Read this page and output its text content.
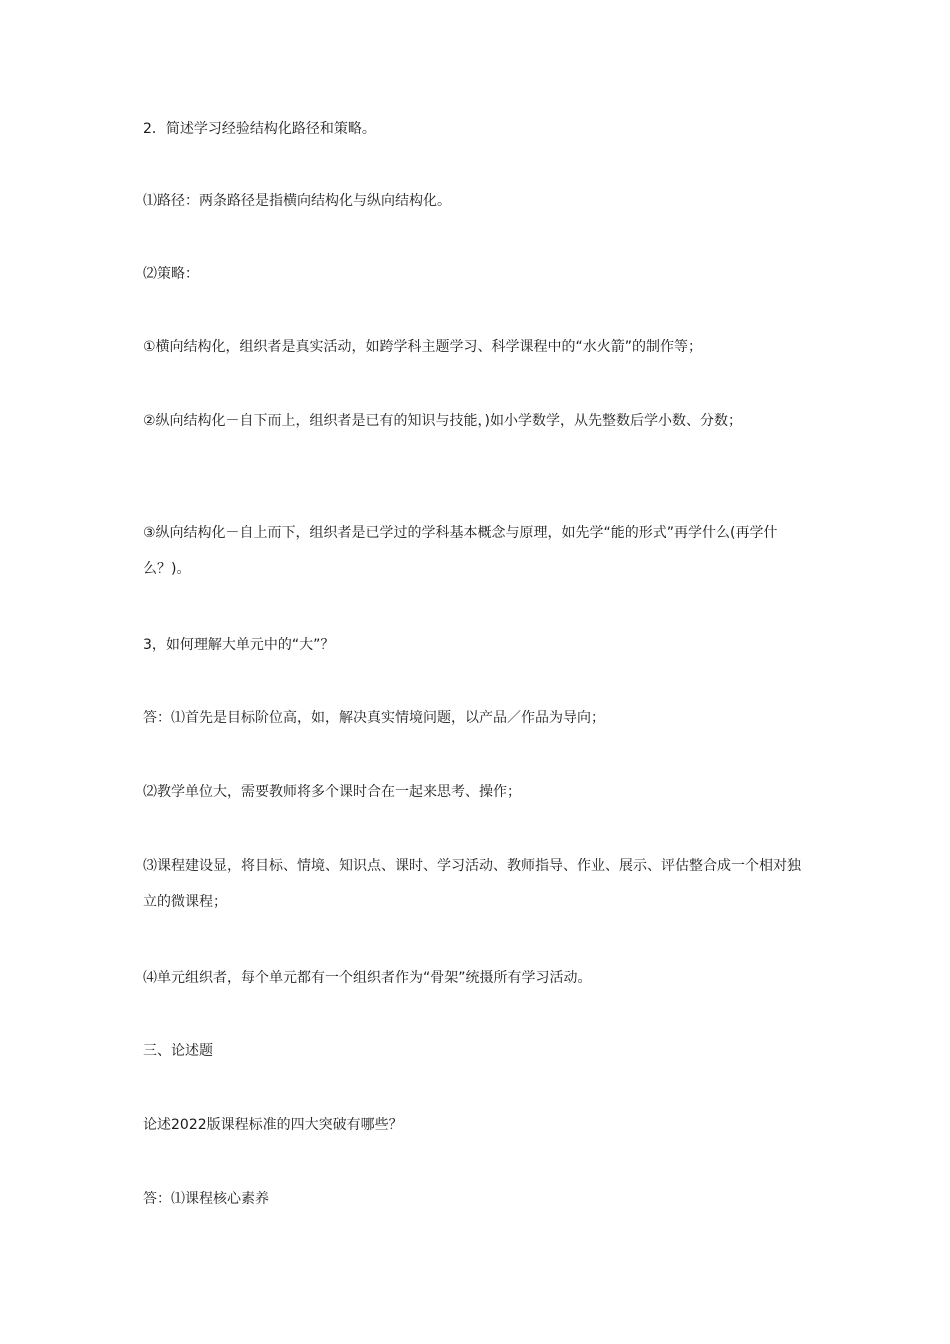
2．简述学习经验结构化路径和策略。

⑴路径：两条路径是指横向结构化与纵向结构化。

⑵策略：

①横向结构化，组织者是真实活动，如跨学科主题学习、科学课程中的“水火箭”的制作等；

②纵向结构化－自下而上，组织者是已有的知识与技能，)如小学数学，从先整数后学小数、分数；

③纵向结构化－自上而下，组织者是已学过的学科基本概念与原理，如先学“能的形式”再学什么(再学什么？)。

3，如何理解大单元中的“大”？

答：⑴首先是目标阶位高，如，解决真实情境问题，以产品／作品为导向；

⑵教学单位大，需要教师将多个课时合在一起来思考、操作；

⑶课程建设显，将目标、情境、知识点、课时、学习活动、教师指导、作业、展示、评估整合成一个相对独立的微课程；

⑷单元组织者，每个单元都有一个组织者作为“骨架”统摄所有学习活动。

三、论述题

论述2022版课程标准的四大突破有哪些？

答：⑴课程核心素养
